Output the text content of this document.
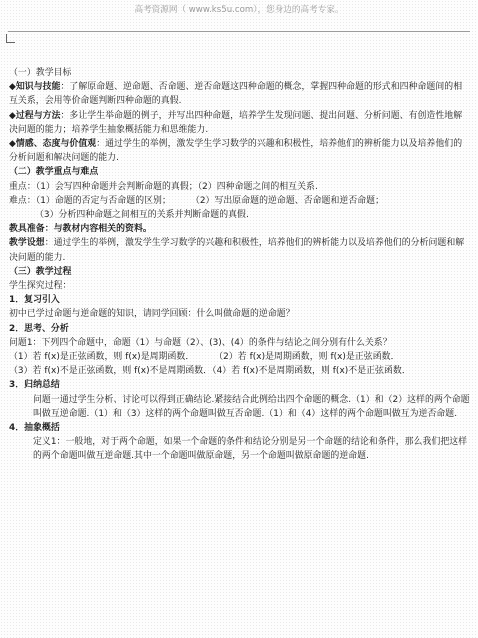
高考资源网（ www.ks5u.com），您身边的高考专家。
（一）教学目标
◆知识与技能：了解原命题、逆命题、否命题、逆否命题这四种命题的概念，掌握四种命题的形式和四种命题间的相互关系，会用等价命题判断四种命题的真假.
◆过程与方法：多让学生举命题的例子，并写出四种命题，培养学生发现问题、提出问题、分析问题、有创造性地解决问题的能力；培养学生抽象概括能力和思维能力.
◆情感、态度与价值观：通过学生的举例，激发学生学习数学的兴趣和积极性，培养他们的辨析能力以及培养他们的分析问题和解决问题的能力.
（二）教学重点与难点
重点：（1）会写四种命题并会判断命题的真假；（2）四种命题之间的相互关系.
难点：（1）命题的否定与否命题的区别； （2）写出原命题的逆命题、否命题和逆否命题；
（3）分析四种命题之间相互的关系并判断命题的真假.
教具准备：与教材内容相关的资料。
教学设想：通过学生的举例，激发学生学习数学的兴趣和积极性，培养他们的辨析能力以及培养他们的分析问题和解决问题的能力.
（三）教学过程
学生探究过程：
1．复习引入
初中已学过命题与逆命题的知识，请同学回顾：什么叫做命题的逆命题？
2．思考、分析
问题1：下列四个命题中，命题（1）与命题（2）、(3)、(4）的条件与结论之间分别有什么关系？
（1）若 f(x)是正弦函数，则 f(x)是周期函数． （2）若 f(x)是周期函数，则 f(x)是正弦函数．
（3）若 f(x)不是正弦函数，则 f(x)不是周期函数．（4）若 f(x)不是周期函数，则 f(x)不是正弦函数．
3．归纳总结
问题一通过学生分析、讨论可以得到正确结论.紧接结合此例给出四个命题的概念.（1）和（2）这样的两个命题叫做互逆命题.（1）和（3）这样的两个命题叫做互否命题.（1）和（4）这样的两个命题叫做互为逆否命题.
4．抽象概括
定义1：一般地，对于两个命题，如果一个命题的条件和结论分别是另一个命题的结论和条件，那么我们把这样的两个命题叫做互逆命题.其中一个命题叫做原命题，另一个命题叫做原命题的逆命题.
